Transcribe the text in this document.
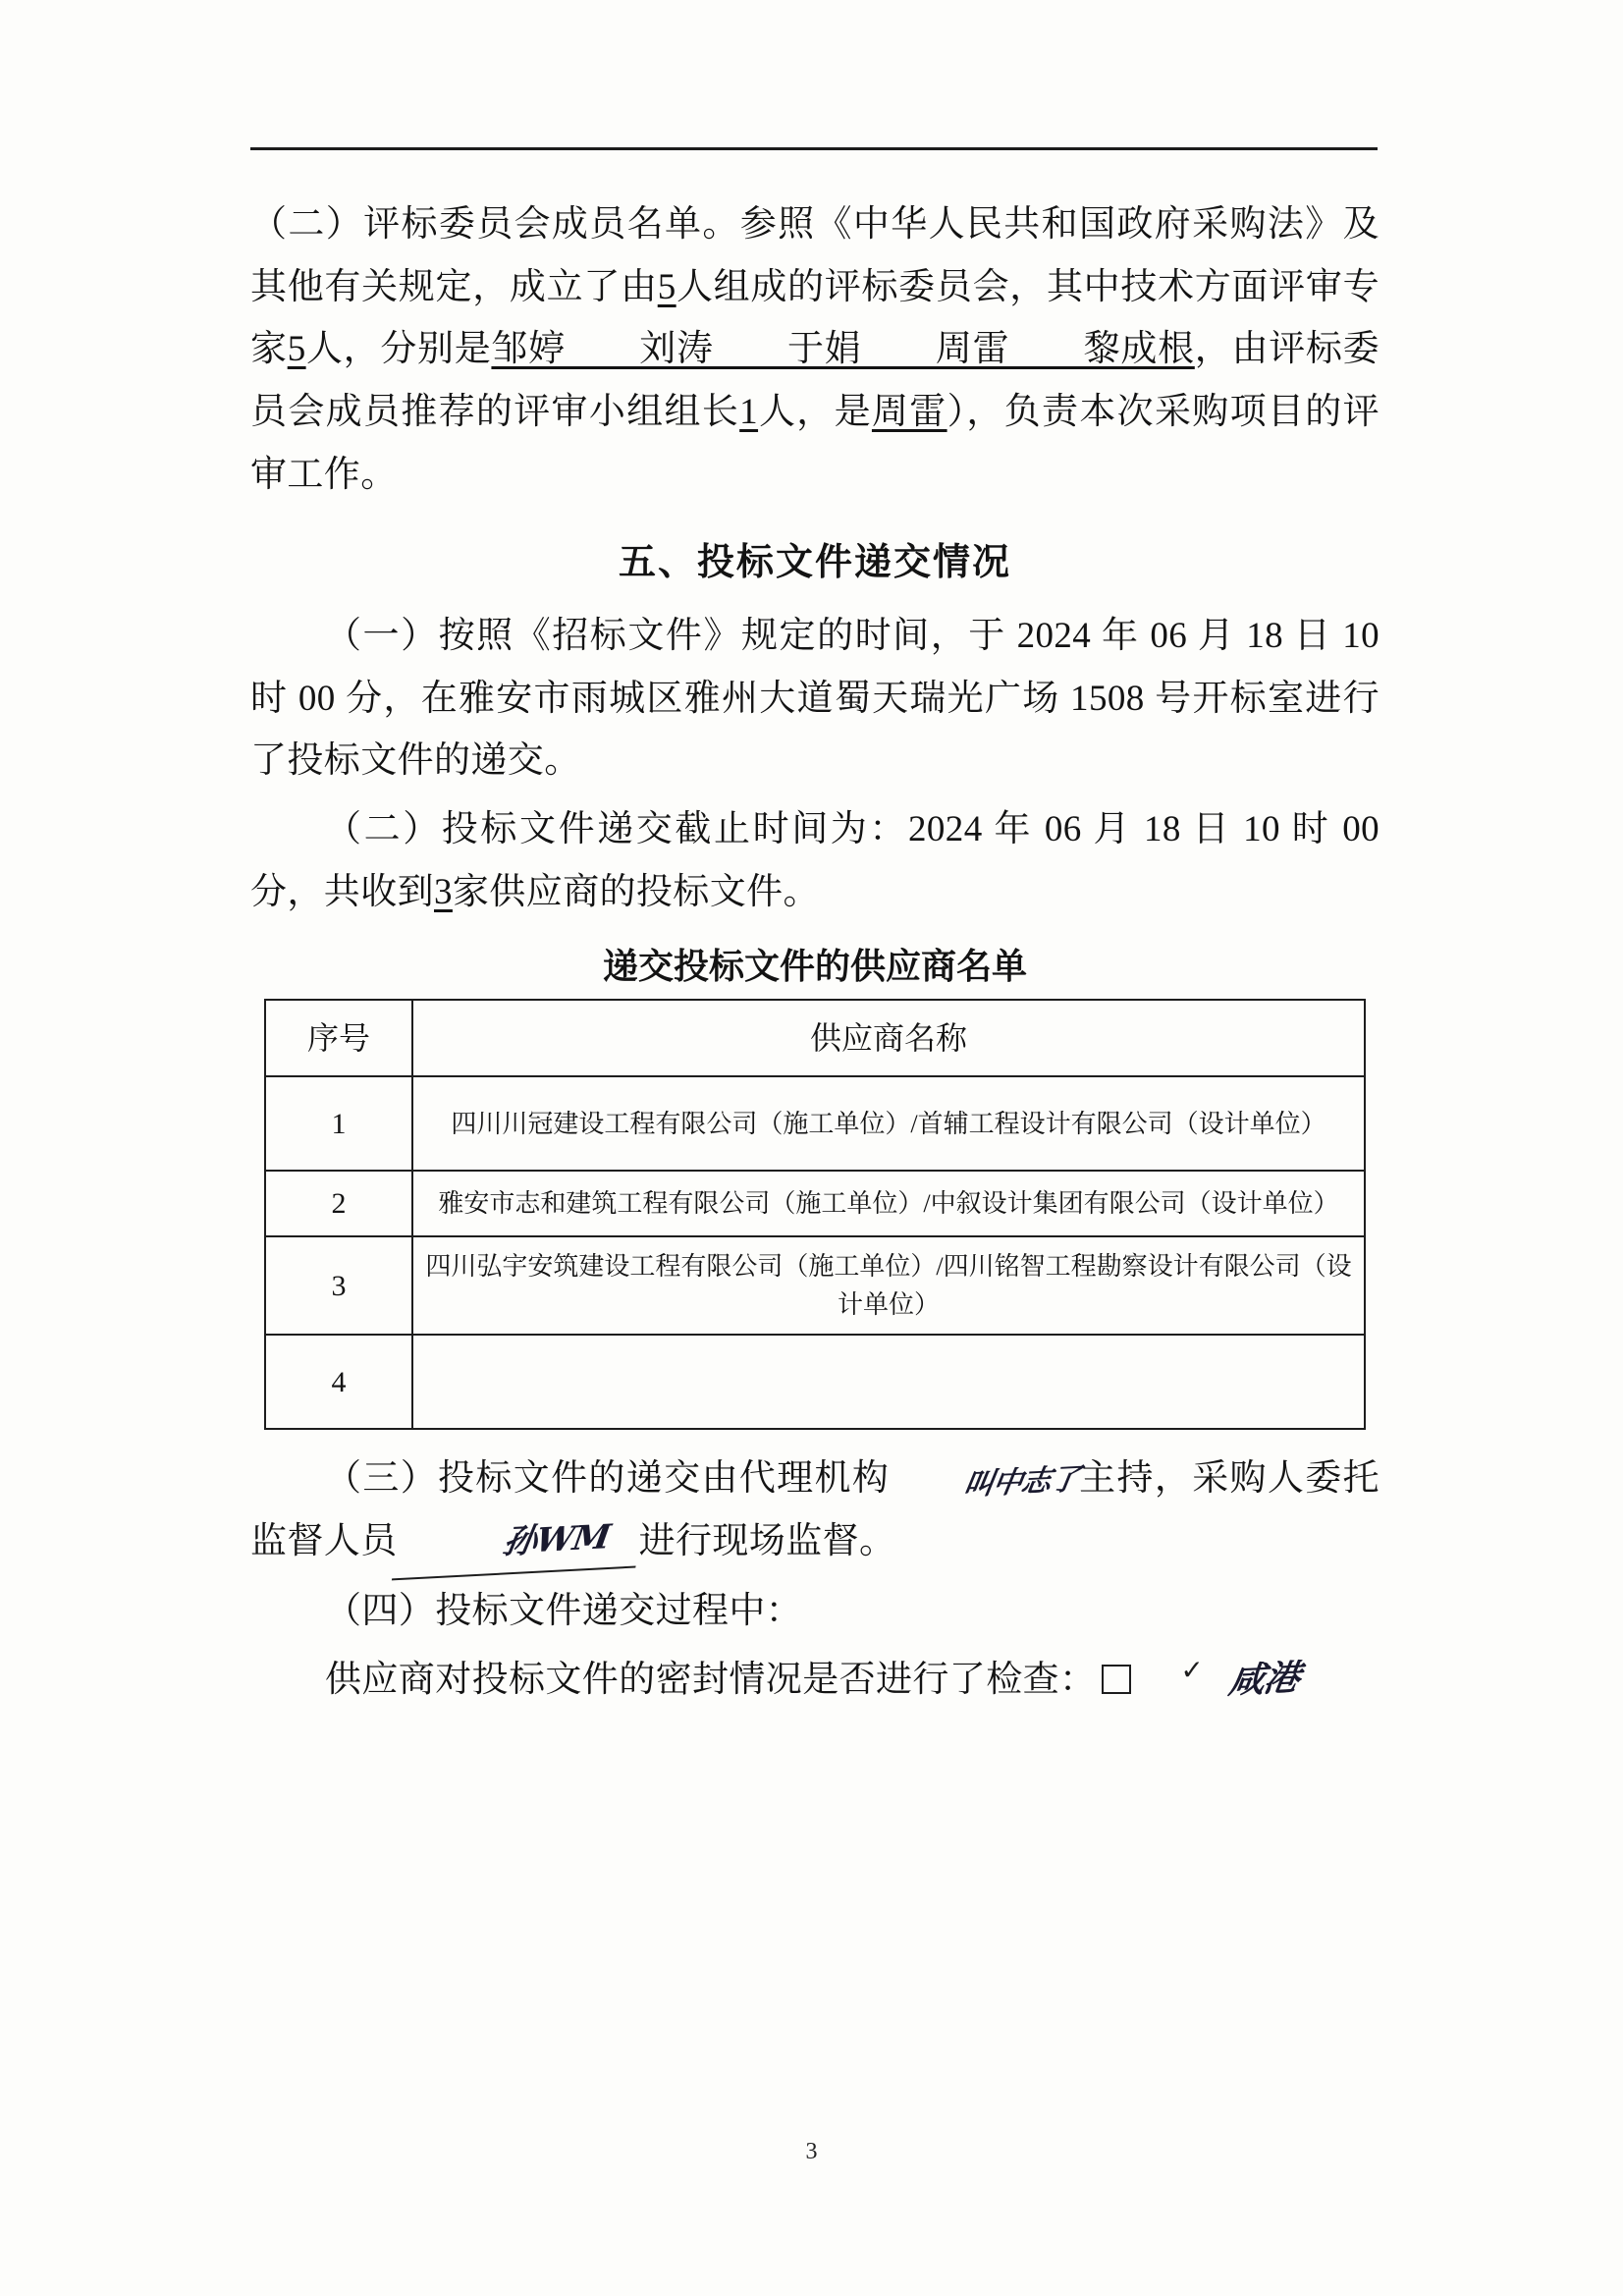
（二）评标委员会成员名单。参照《中华人民共和国政府采购法》及其他有关规定，成立了由5人组成的评标委员会，其中技术方面评审专家5人，分别是邹婷　　刘涛　　于娟　　周雷　　黎成根，由评标委员会成员推荐的评审小组组长1人，是周雷），负责本次采购项目的评审工作。

五、投标文件递交情况

（一）按照《招标文件》规定的时间，于 2024 年 06 月 18 日 10 时 00 分，在雅安市雨城区雅州大道蜀天瑞光广场 1508 号开标室进行了投标文件的递交。

（二）投标文件递交截止时间为：2024 年 06 月 18 日 10 时 00 分，共收到3家供应商的投标文件。

递交投标文件的供应商名单
序号	供应商名称
1	四川川冠建设工程有限公司（施工单位）/首辅工程设计有限公司（设计单位）
2	雅安市志和建筑工程有限公司（施工单位）/中叙设计集团有限公司（设计单位）
3	四川弘宇安筑建设工程有限公司（施工单位）/四川铭智工程勘察设计有限公司（设计单位）
4	

（三）投标文件的递交由代理机构 叫中志了主持，采购人委托监督人员	孙WM 进行现场监督。

（四）投标文件递交过程中：

供应商对投标文件的密封情况是否进行了检查： ✓	咸港

3
